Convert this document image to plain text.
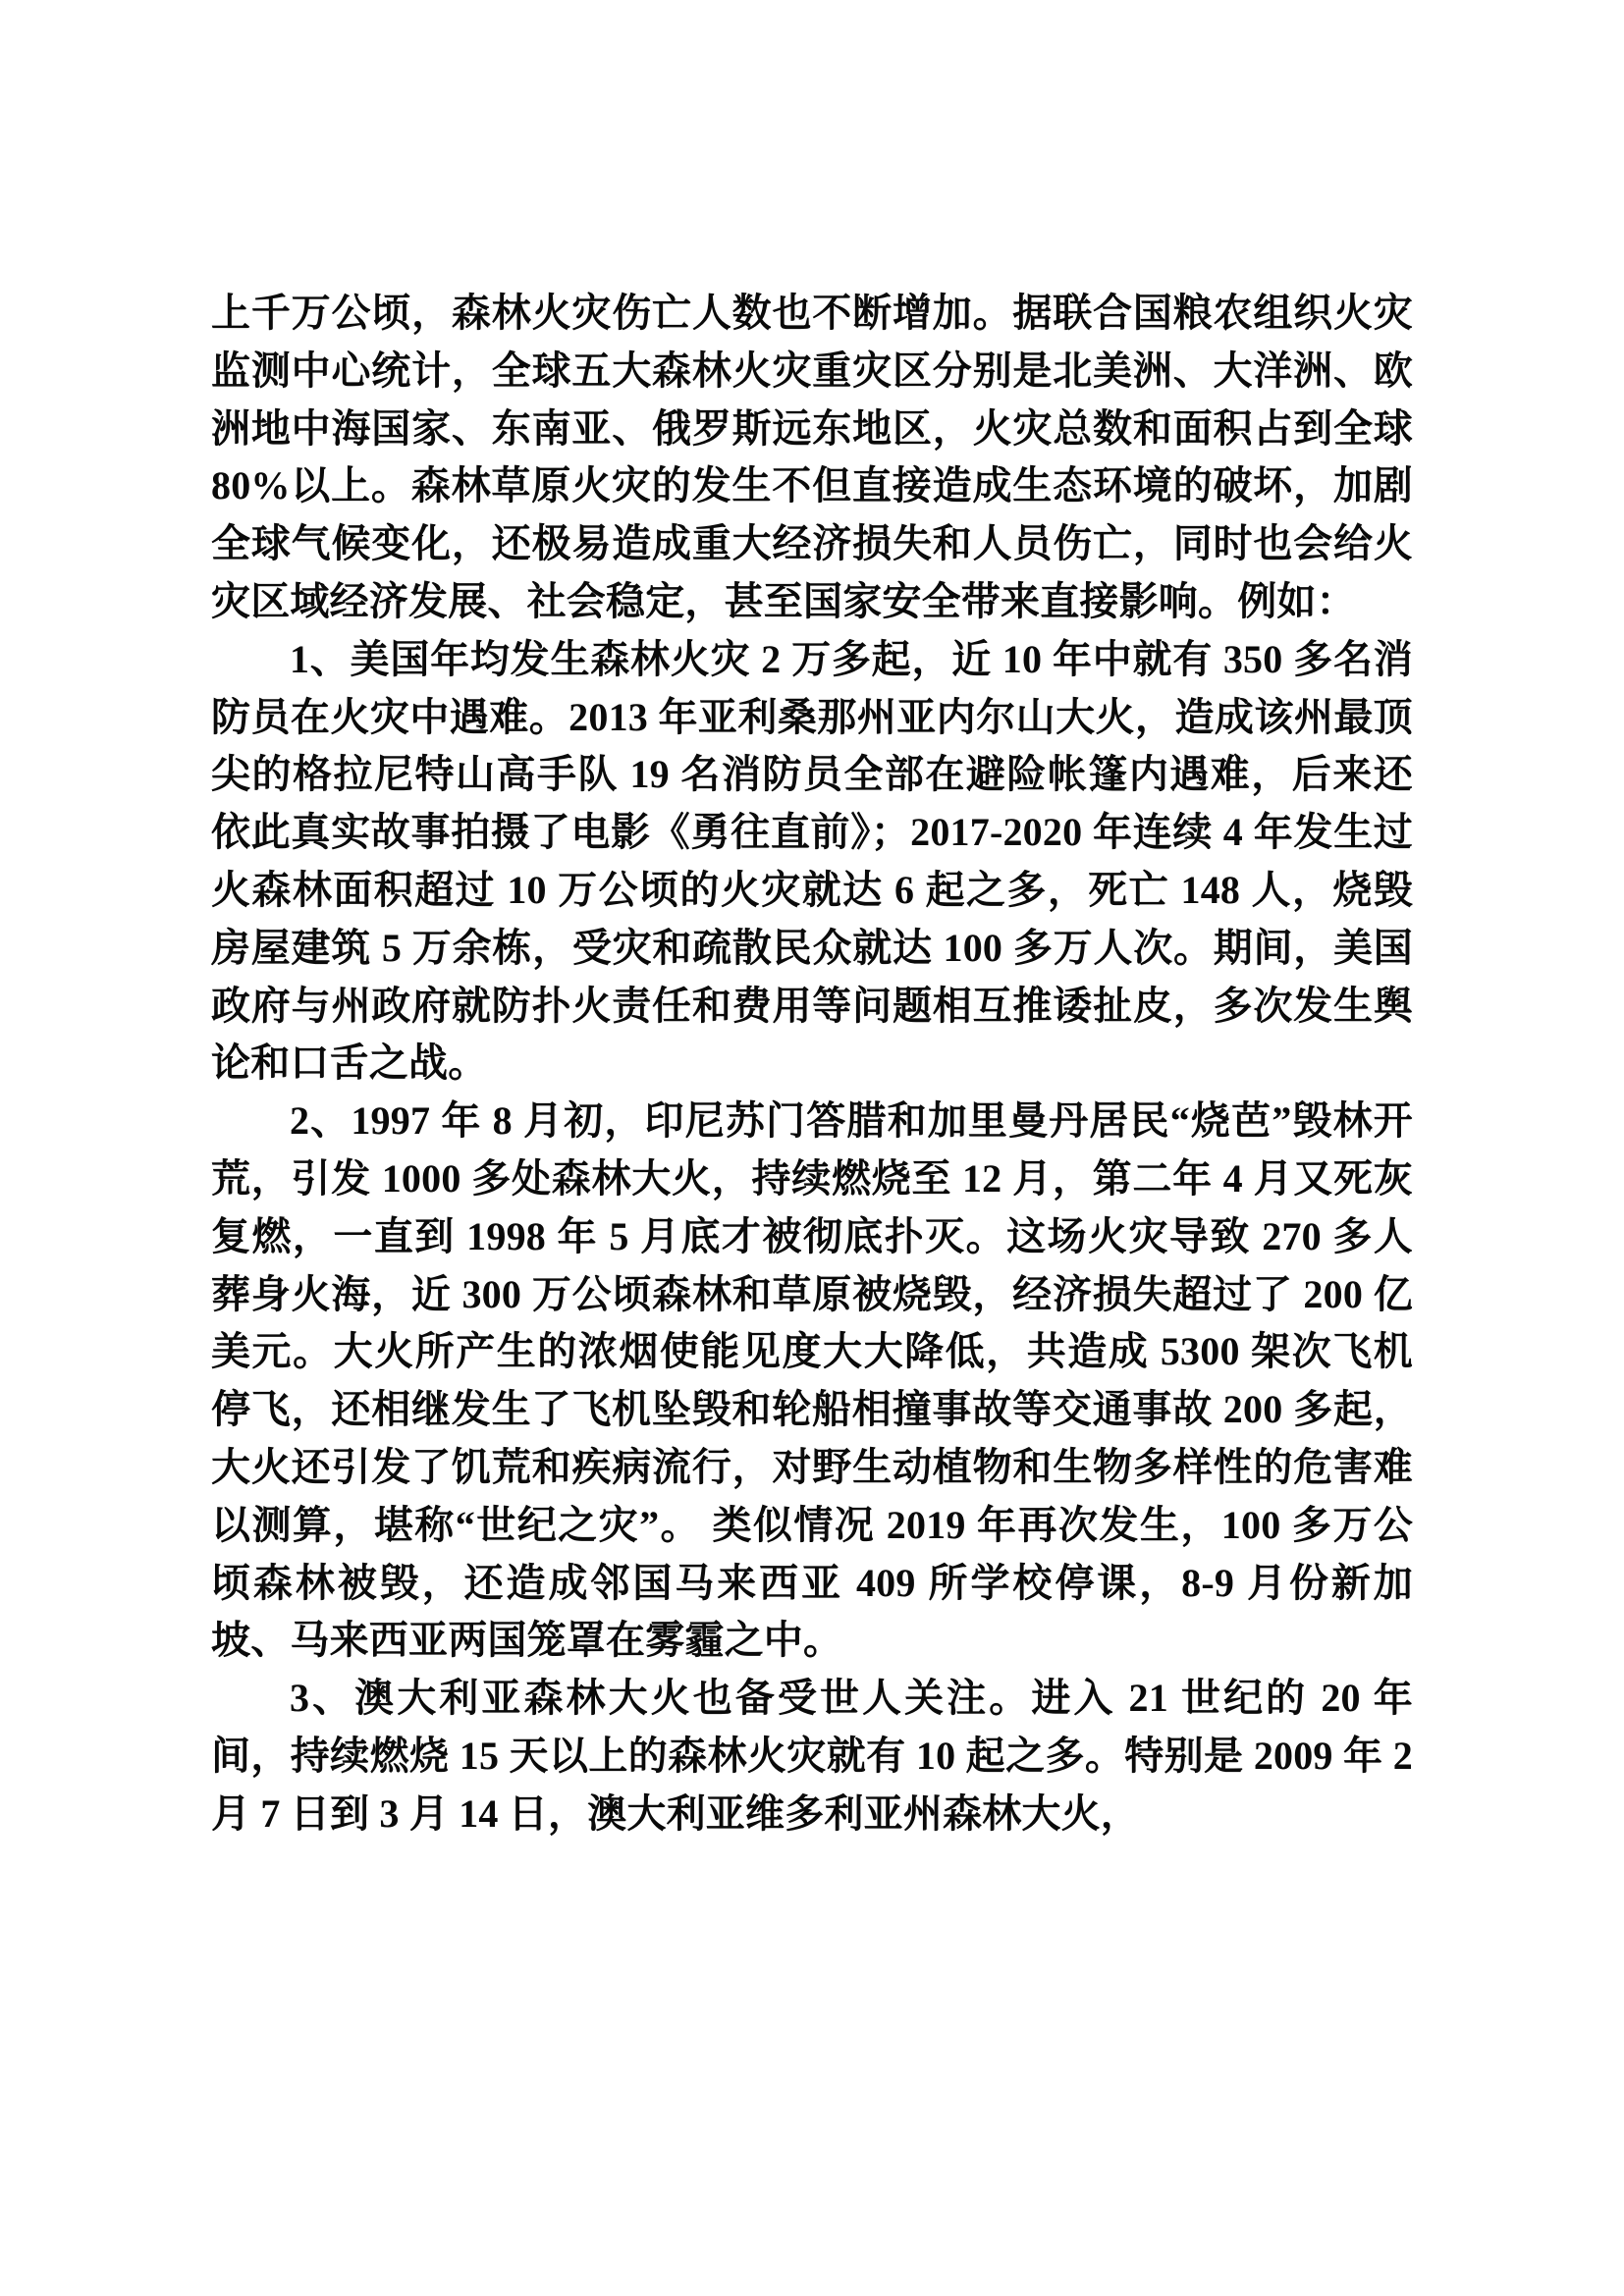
上千万公顷，森林火灾伤亡人数也不断增加。据联合国粮农组织火灾监测中心统计，全球五大森林火灾重灾区分别是北美洲、大洋洲、欧洲地中海国家、东南亚、俄罗斯远东地区，火灾总数和面积占到全球 80%以上。森林草原火灾的发生不但直接造成生态环境的破坏，加剧全球气候变化，还极易造成重大经济损失和人员伤亡，同时也会给火灾区域经济发展、社会稳定，甚至国家安全带来直接影响。例如：

1、美国年均发生森林火灾 2 万多起，近 10 年中就有 350 多名消防员在火灾中遇难。2013 年亚利桑那州亚内尔山大火，造成该州最顶尖的格拉尼特山高手队 19 名消防员全部在避险帐篷内遇难，后来还依此真实故事拍摄了电影《勇往直前》；2017-2020 年连续 4 年发生过火森林面积超过 10 万公顷的火灾就达 6 起之多，死亡 148 人，烧毁房屋建筑 5 万余栋，受灾和疏散民众就达 100 多万人次。期间，美国政府与州政府就防扑火责任和费用等问题相互推诿扯皮，多次发生舆论和口舌之战。

2、1997 年 8 月初，印尼苏门答腊和加里曼丹居民“烧芭”毁林开荒，引发 1000 多处森林大火，持续燃烧至 12 月，第二年 4 月又死灰复燃，一直到 1998 年 5 月底才被彻底扑灭。这场火灾导致 270 多人葬身火海，近 300 万公顷森林和草原被烧毁，经济损失超过了 200 亿美元。大火所产生的浓烟使能见度大大降低，共造成 5300 架次飞机停飞，还相继发生了飞机坠毁和轮船相撞事故等交通事故 200 多起，大火还引发了饥荒和疾病流行，对野生动植物和生物多样性的危害难以测算，堪称“世纪之灾”。 类似情况 2019 年再次发生，100 多万公顷森林被毁，还造成邻国马来西亚 409 所学校停课，8-9 月份新加坡、马来西亚两国笼罩在雾霾之中。

3、澳大利亚森林大火也备受世人关注。进入 21 世纪的 20 年间，持续燃烧 15 天以上的森林火灾就有 10 起之多。特别是 2009 年 2 月 7 日到 3 月 14 日，澳大利亚维多利亚州森林大火，
